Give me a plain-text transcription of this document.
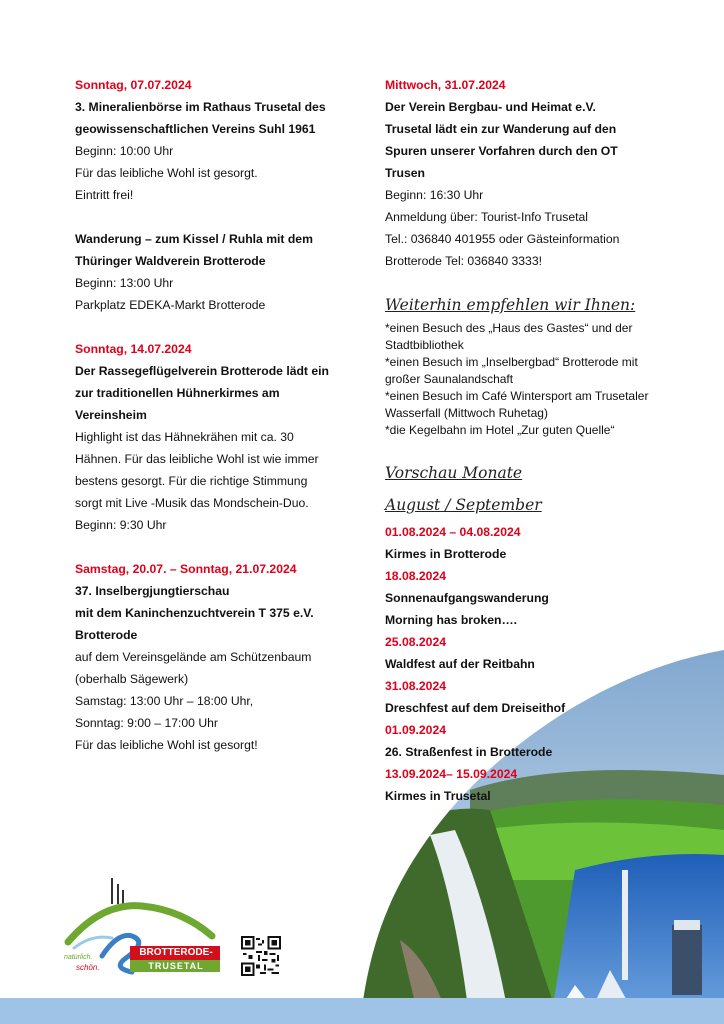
Sonntag, 07.07.2024
3. Mineralienbörse im Rathaus Trusetal des
geowissenschaftlichen Vereins Suhl 1961
Beginn: 10:00 Uhr
Für das leibliche Wohl ist gesorgt.
Eintritt frei!
Wanderung – zum Kissel / Ruhla mit dem
Thüringer Waldverein Brotterode
Beginn: 13:00 Uhr
Parkplatz EDEKA-Markt Brotterode
Sonntag, 14.07.2024
Der Rassegeflügelverein Brotterode lädt ein
zur traditionellen Hühnerkirmes am
Vereinsheim
Highlight ist das Hähnekrähen mit ca. 30
Hähnen. Für das leibliche Wohl ist wie immer
bestens gesorgt. Für die richtige Stimmung
sorgt mit Live -Musik das Mondschein-Duo.
Beginn: 9:30 Uhr
Samstag, 20.07. – Sonntag, 21.07.2024
37. Inselbergjungtierschau
mit dem Kaninchenzuchtverein T 375 e.V.
Brotterode
auf dem Vereinsgelände am Schützenbaum
(oberhalb Sägewerk)
Samstag: 13:00 Uhr – 18:00 Uhr,
Sonntag: 9:00 – 17:00 Uhr
Für das leibliche Wohl ist gesorgt!
Mittwoch, 31.07.2024
Der Verein Bergbau- und Heimat e.V.
Trusetal lädt ein zur Wanderung auf den
Spuren unserer Vorfahren durch den OT
Trusen
Beginn: 16:30 Uhr
Anmeldung über: Tourist-Info Trusetal
Tel.: 036840 401955 oder Gästeinformation
Brotterode Tel: 036840 3333!
Weiterhin empfehlen wir Ihnen:
*einen Besuch des „Haus des Gastes“ und der
Stadtbibliothek
*einen Besuch im „Inselbergbad“ Brotterode mit
großer Saunalandschaft
*einen Besuch im Café Wintersport am Trusetaler
Wasserfall (Mittwoch Ruhetag)
*die Kegelbahn im Hotel „Zur guten Quelle“
Vorschau Monate
August / September
01.08.2024 – 04.08.2024
Kirmes in Brotterode
18.08.2024
Sonnenaufgangswanderung
Morning has broken….
25.08.2024
Waldfest auf der Reitbahn
31.08.2024
Dreschfest auf dem Dreiseithof
01.09.2024
26. Straßenfest in Brotterode
13.09.2024– 15.09.2024
Kirmes in Trusetal
BROTTERODE-
TRUSETAL
natürlich.
schön.
